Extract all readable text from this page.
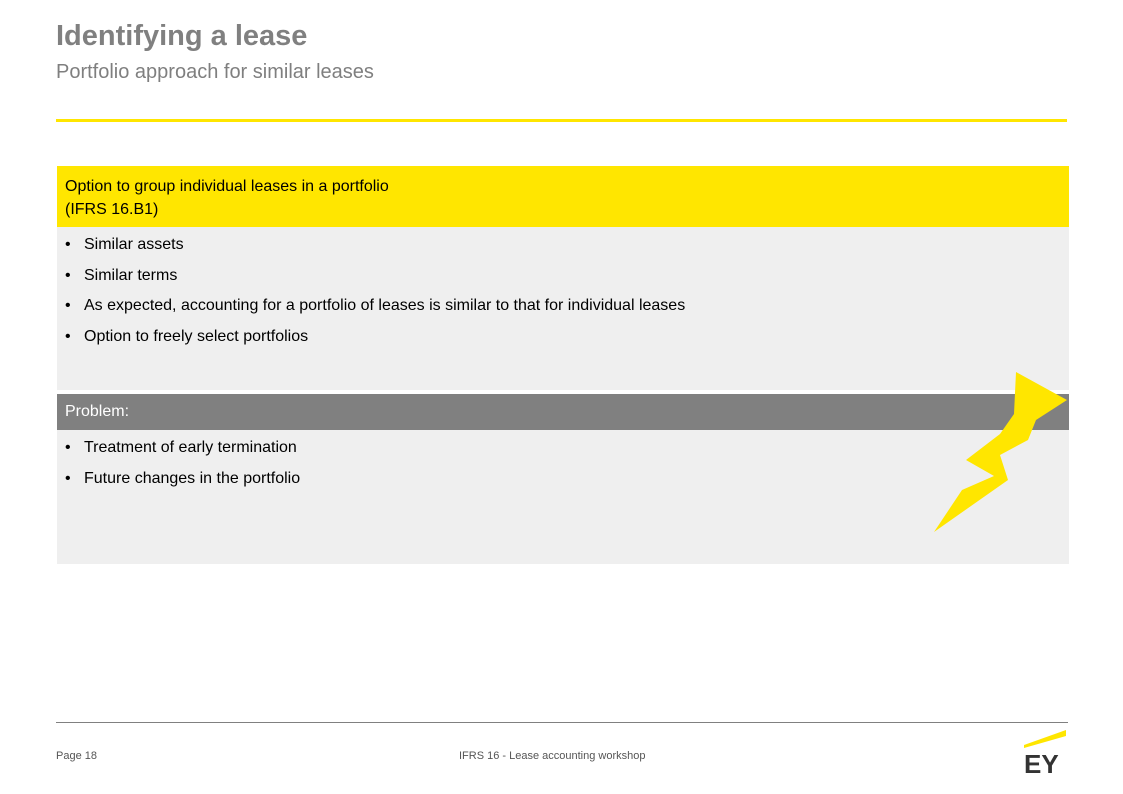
Identifying a lease
Portfolio approach for similar leases
Option to group individual leases in a portfolio
(IFRS 16.B1)
• Similar assets
• Similar terms
• As expected, accounting for a portfolio of leases is similar to that for individual leases
• Option to freely select portfolios
Problem:
• Treatment of early termination
• Future changes in the portfolio
Page 18	IFRS 16 - Lease accounting workshop	EY
